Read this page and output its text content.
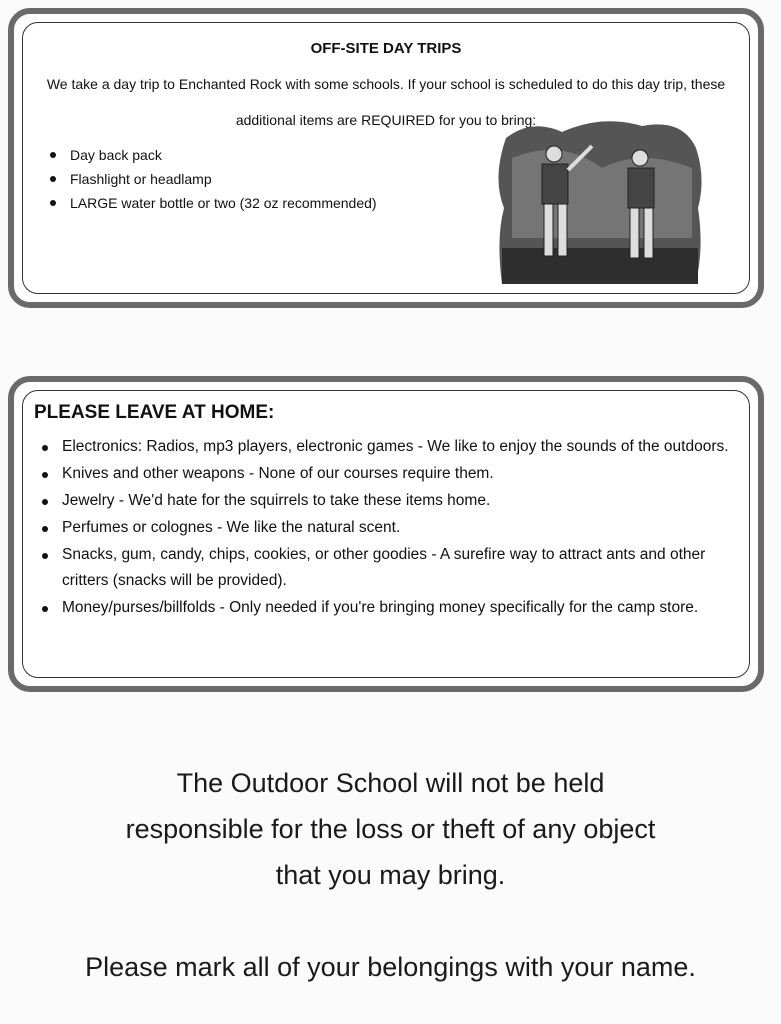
OFF-SITE DAY TRIPS
We take a day trip to Enchanted Rock with some schools. If your school is scheduled to do this day trip, these additional items are REQUIRED for you to bring:
Day back pack
Flashlight or headlamp
LARGE water bottle or two (32 oz recommended)
PLEASE LEAVE AT HOME:
Electronics: Radios, mp3 players, electronic games - We like to enjoy the sounds of the outdoors.
Knives and other weapons - None of our courses require them.
Jewelry - We'd hate for the squirrels to take these items home.
Perfumes or colognes - We like the natural scent.
Snacks, gum, candy, chips, cookies, or other goodies - A surefire way to attract ants and other critters (snacks will be provided).
Money/purses/billfolds - Only needed if you're bringing money specifically for the camp store.
The Outdoor School will not be held responsible for the loss or theft of any object that you may bring.
Please mark all of your belongings with your name.
